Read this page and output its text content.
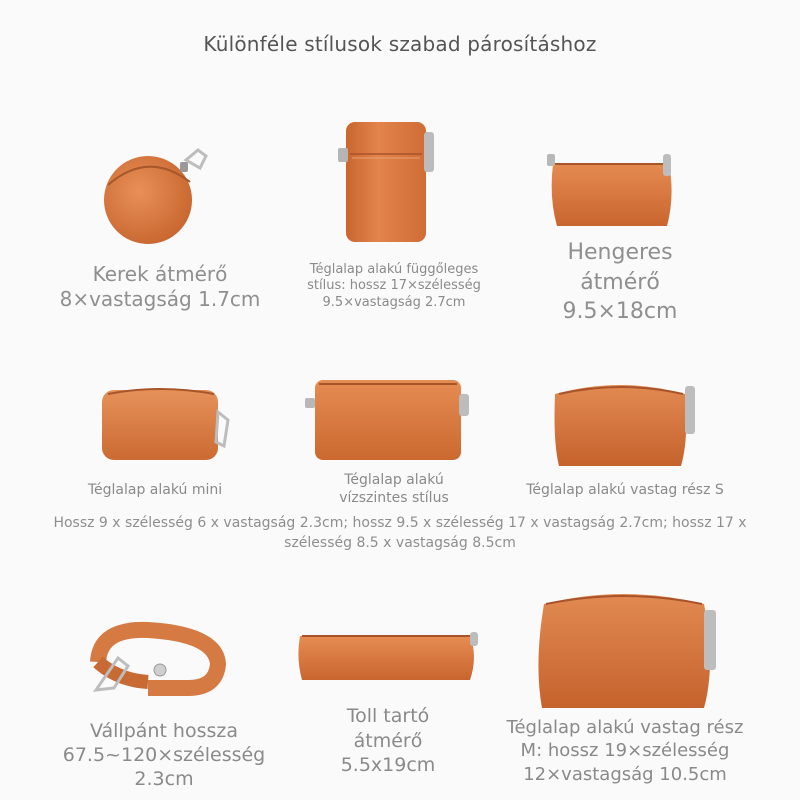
Különféle stílusok szabad párosításhoz
Kerek átmérő
8×vastagság 1.7cm
Téglalap alakú függőleges
stílus: hossz 17×szélesség
9.5×vastagság 2.7cm
Hengeres
átmérő
9.5×18cm
Téglalap alakú mini
Téglalap alakú
vízszintes stílus	Téglalap alakú vastag rész S
Hossz 9 x szélesség 6 x vastagság 2.3cm; hossz 9.5 x szélesség 17 x vastagság 2.7cm; hossz 17 x szélesség 8.5 x vastagság 8.5cm
Vállpánt hossza
67.5~120×szélesség 2.3cm
Toll tartó
átmérő
5.5x19cm
Téglalap alakú vastag rész
M: hossz 19×szélesség
12×vastagság 10.5cm
